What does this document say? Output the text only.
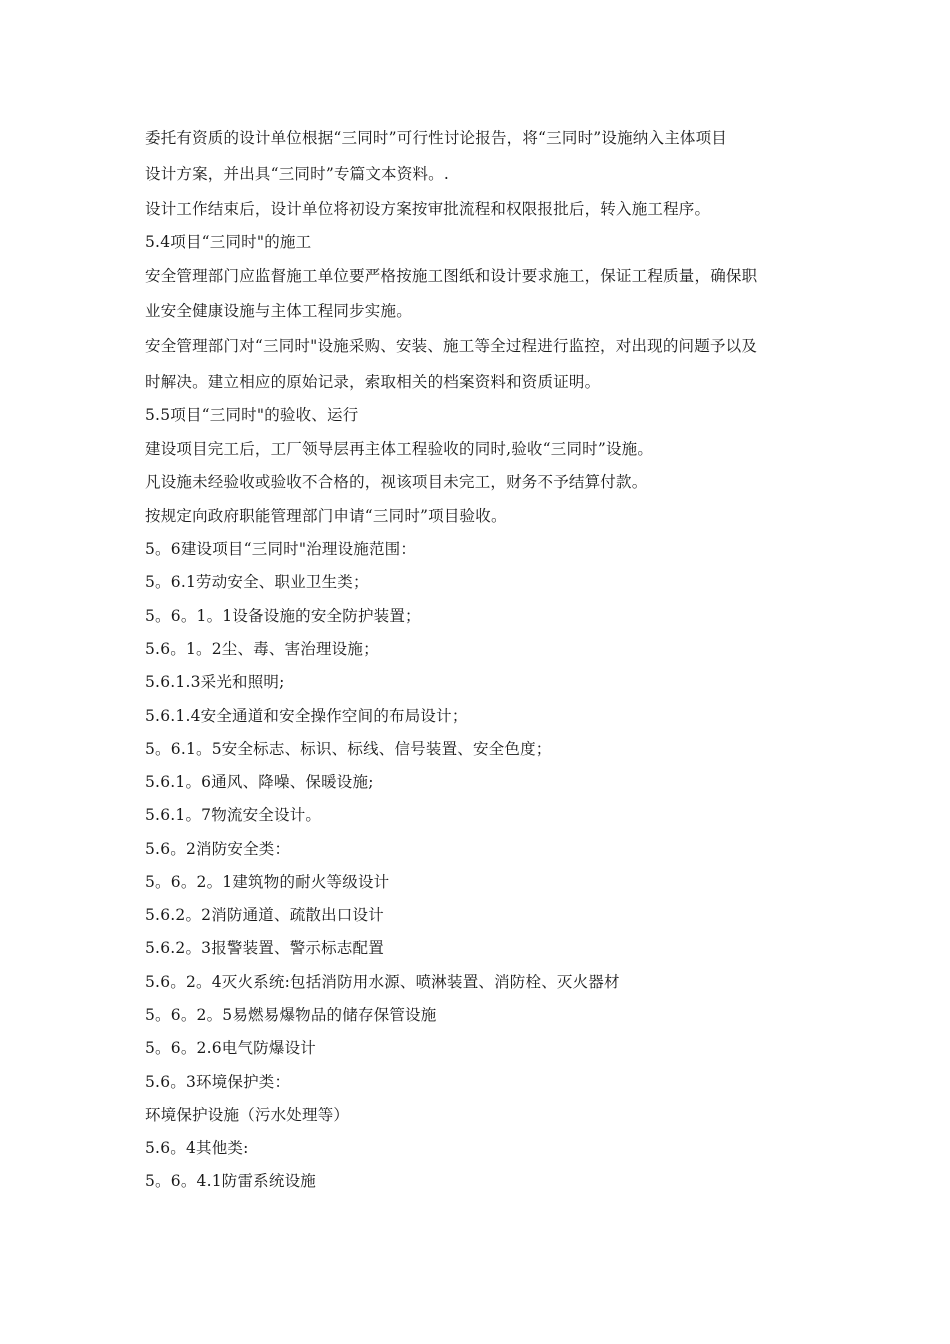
委托有资质的设计单位根据“三同时”可行性讨论报告，将“三同时”设施纳入主体项目
设计方案，并出具“三同时”专篇文本资料。.
设计工作结束后，设计单位将初设方案按审批流程和权限报批后，转入施工程序。
5.4项目“三同时"的施工
安全管理部门应监督施工单位要严格按施工图纸和设计要求施工，保证工程质量，确保职
业安全健康设施与主体工程同步实施。
安全管理部门对“三同时"设施采购、安装、施工等全过程进行监控，对出现的问题予以及
时解决。建立相应的原始记录，索取相关的档案资料和资质证明。
5.5项目“三同时"的验收、运行
建设项目完工后，工厂领导层再主体工程验收的同时,验收“三同时”设施。
凡设施未经验收或验收不合格的，视该项目未完工，财务不予结算付款。
按规定向政府职能管理部门申请“三同时”项目验收。
5。6建设项目“三同时"治理设施范围：
5。6.1劳动安全、职业卫生类；
5。6。1。1设备设施的安全防护装置；
5.6。1。2尘、毒、害治理设施；
5.6.1.3采光和照明;
5.6.1.4安全通道和安全操作空间的布局设计；
5。6.1。5安全标志、标识、标线、信号装置、安全色度；
5.6.1。6通风、降噪、保暖设施;
5.6.1。7物流安全设计。
5.6。2消防安全类：
5。6。2。1建筑物的耐火等级设计
5.6.2。2消防通道、疏散出口设计
5.6.2。3报警装置、警示标志配置
5.6。2。4灭火系统:包括消防用水源、喷淋装置、消防栓、灭火器材
5。6。2。5易燃易爆物品的储存保管设施
5。6。2.6电气防爆设计
5.6。3环境保护类：
环境保护设施（污水处理等）
5.6。4其他类:
5。6。4.1防雷系统设施
